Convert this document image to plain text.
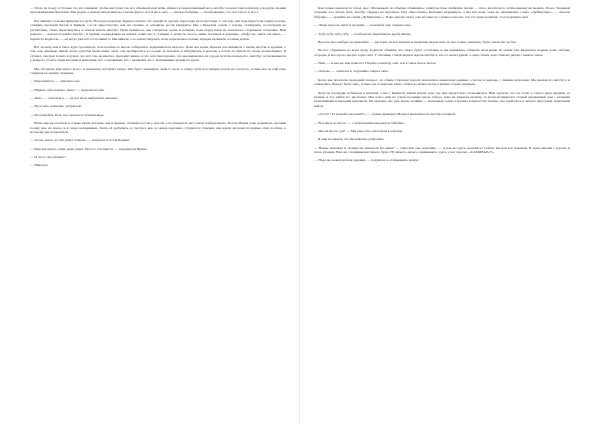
— Тогда не поеду я! Только это уж слишком: чтобы выступал так вот обычный мой зятёк, вбежал в переполненный весь автобус и начал там потрясать в воздухе своими неоплаченными билетами. Мы уедем, а деньги нам нужны на совсем другое, вот и весь сказ, — сказала бабушка, — неоправданно это, вот так-то и вот-с.

Без лишних слов мы двинулись в путь. Но когда подошли, Крыска сказала, что придётся сделать пересадку на полустанке. С тех пор, как туда перестали ходить поезда, станцию прозвали Белой и Кривой, а в её окрестностях, как ни странно, в основном росли кипарисы. Мы с Крыской сошли с поезда, оглянулись, посмотрели на расписание, снова переглянулись и пошли искать автобус. Идти пришлось, как говорится, вдоль и поперёк, пока перед нами не показалась старенькая остановка. Нам повезло — вскоре подошёл автобус, и скрипя, подпрыгивая на кочках, повёз нас к станции, а затем по шоссе, мимо посёлков и деревень. «Тьфу-ты, опять эти ямы», — бормотал водитель, — «и когда уже всё это починят?» Мы кивали, а за окном тянулись поля, перелески и холмы, изредка мелькали огоньки домов.

Вот почему нам и было куда торопиться, хотя вообще-то мы не собирались задерживаться надолго. Пока мы ехали, Крыска рассказывала о своём детстве в деревне, о том, как однажды зимой, когда сугробы были выше окон, она пробиралась к соседке за молоком и заблудилась в метели, а потом её нашли по звону колокольчика. Я слушал, смотрел в окно и думал, что вот так, незаметно, проходит жизнь, и что всё-таки хорошо, что мы вырвались из города хотя бы ненадолго. Автобус останавливался у каждого столба, люди входили и выходили, кто с корзинами, кто с мешками, кто с маленькими детьми на руках.

Мы обсудили ещё много всего, и незаметно наступил вечер. Как будто повинуясь чьей-то воле, к концу пути пассажиров почти не осталось, только мы да ещё пара стариков на задних сиденьях.

— Ещё немного, — заметила она.

— Видите себя хорошо, мило? — пророкотала Ба.

— Ясно, — ответила я, — ну вот мы и выбрались наконец.

— Ну и тебе, девчонка, добраться!

— Не волнуйся, Роза, все сделано в лучшем виде.

Наша еще раз поехала в старые кущи, которые, как и прежде, спокойно росли у дороги, а на поворотах нас слегка подбрасывало. Потом Мария тоже задремала, склонив голову мне на плечо, и я сидел неподвижно, боясь её разбудить, и смотрел, как за окном медленно сгущаются сумерки, как вдали загораются первые огни посёлка, к которому мы подъезжали.

— Я и не знала, что Ба умеет плавать, — поведала толстая Карина.

— Ещё как умеет, очень даже умеет. Просто стесняется, — поддакнула Ирина.

— И часто она плавает?

— Никогда!

Как только выехали за город, мы с Маленькой, по обычаю обнявшись, затянули свою любимую песню — тихо, вполголоса, чтобы никому не мешать. Пока с Кариной спорили, кто лучше поёт, автобус свернул на просёлок. Под «Ярославль» Катенька вздремнула, а мы всё пели, пока не закончились слова. «Дубинушку», — сказала бабушка, — «давайте-ка споём «Дубинушку»». И мы запели снова, уже все вместе, громко и весело, так что даже водитель стал подпевать нам.

— Люди здесь не пьют и не курят, — пояснила она, открыв окно.

— Тубу-тубу-тубу-тубу, — изображала барабанную дробь Маша.

Вы хоть кого-нибудь потревожите, — ругались на нас Карина и сидевшая рядом тётя, но мы только смеялись, будто звали нас на бал.

Но вот, обращаясь ко всем сразу, водитель объявил, что скоро будет остановка, и мы принялись собирать свои вещи. За окном уже виднелись первые дома, заборы, огороды, и кое-где во дворах горел свет. У обочины стояли люди и ждали автобуса, кто-то махал рукой, а одна собака долго бежала рядом с нами и лаяла.

— Наш, — и как же нам повезло! Глядите, повсюду снег, и всё такое белое-белое!

— Похоже, — отвечала я, задумчиво глядя в окно.

Когда мы проехали очередной поворот, по обеим сторонам дороги показались невысокие домики, а потом и церковь с синими куполами. Мы вышли из автобуса и огляделись. Вокруг было тихо, только где-то вдалеке лаяла собака да шумел ветер в ветвях старых деревьев.

Дети на площадке побежали к качелям, а мы с Кариной пошли искать дом, где нам предстояло остановиться. Нам сказали, что он стоит у самого края деревни, за речкой, и что найти его несложно. Мы долго шли по узкой тропинке вдоль забора, пока не увидели калитку, за которой виднелся старый деревянный дом с резными наличниками и высоким крыльцом. На крыльце нас уже ждала хозяйка — маленькая седая старушка в цветастом платке, она улыбалась и махала нам рукой, приглашая войти.

«Стоп!!! Та каааайа хорошая!!!» — громко крикнула Маша и выскочила из автобуса первой.

— Вот мы и на месте, — с облегчением выдохнула бабушка.

— Мы на месте, ура! — Мы радостно захлопали в ладоши.

Я ещё не верила, что мы наконец добрались.

— Новые девочки! А почему вы приехали без меня? — спросила она, ворчливо. — А как вы здесь оказались? Сейчас мы вам всё покажем. И чаем напоим с дороги, и спать уложим. Вам же с непривычки тяжело будет. Ну ничего, ничего, привыкнете, здесь у нас хорошо. «САМОВАР»?!»

— Надо же, какая уютная деревня, — подумала я, оглядываясь вокруг.
